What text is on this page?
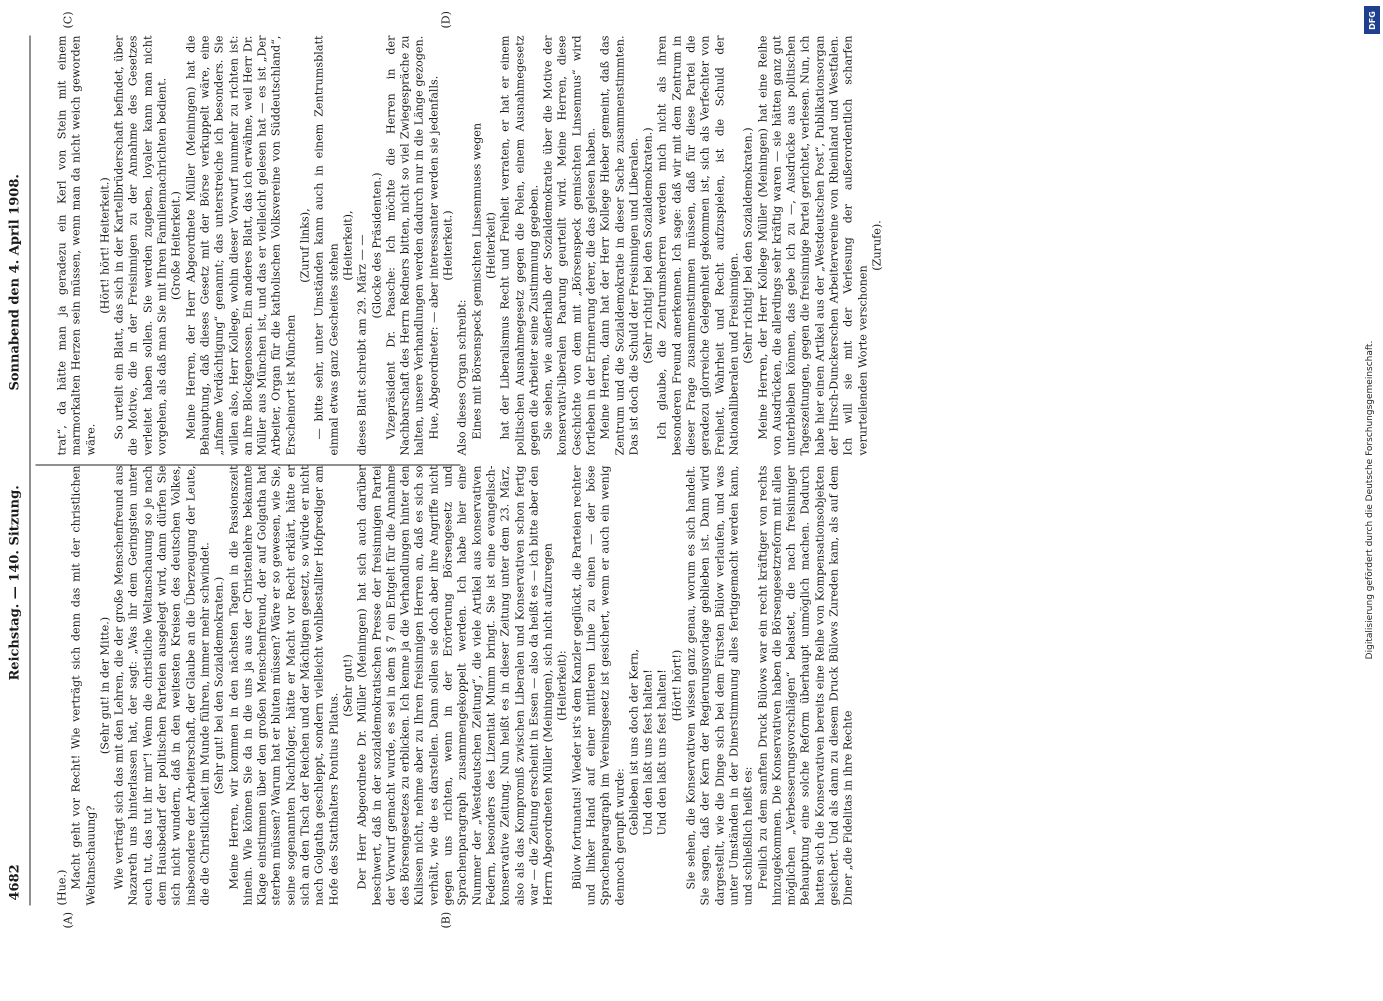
4682
Reichstag. — 140. Sitzung.
Sonnabend den 4. April 1908.
(A)	(B)
(C)	(D)

(Hue.) Macht geht vor Recht! Wie verträgt sich denn das mit der christlichen Weltanschauung?

(Sehr gut! in der Mitte.) Wie verträgt sich das mit den Lehren, die der große Menschenfreund aus Nazareth uns hinterlassen hat, der sagt: „Was ihr dem Geringsten unter euch tut, das tut ihr mir“! Wenn die christliche Weltanschauung so je nach dem Hausbedarf der politischen Parteien ausgelegt wird, dann dürfen Sie sich nicht wundern, daß in den weitesten Kreisen des deutschen Volkes, insbesondere der Arbeiterschaft, der Glaube an die Überzeugung der Leute, die die Christlichkeit im Munde führen, immer mehr schwindet. (Sehr gut! bei den Sozialdemokraten.) Meine Herren, wir kommen in den nächsten Tagen in die Passionszeit hinein. Wie können Sie da in die uns ja aus der Christenlehre bekannte Klage einstimmen über den großen Menschenfreund, der auf Golgatha hat sterben müssen? Warum hat er bluten müssen? Wäre er so gewesen, wie Sie, seine sogenannten Nachfolger, hätte er Macht vor Recht erklärt, hätte er sich an den Tisch der Reichen und der Mächtigen gesetzt, so würde er nicht nach Golgatha geschleppt, sondern vielleicht wohlbestallter Hofprediger am Hofe des Statthalters Pontius Pilatus.

(Sehr gut!) Der Herr Abgeordnete Dr. Müller (Meiningen) hat sich auch darüber beschwert, daß in der sozialdemokratischen Presse der freisinnigen Partei der Vorwurf gemacht wurde, es sei in dem § 7 ein Entgelt für die Annahme des Börsengesetzes zu erblicken. Ich kenne ja die Verhandlungen hinter den Kulissen nicht, nehme aber zu Ihren freisinnigen Herren an, daß es sich so verhält, wie die es darstellen. Dann sollen sie doch aber ihre Angriffe nicht gegen uns richten, wenn in der Erörterung Börsengesetz und Sprachenparagraph zusammengekoppelt werden. Ich habe hier eine Nummer der „Westdeutschen Zeitung“, die viele Artikel aus konservativen Federn, besonders des Lizentiat Mumm bringt. Sie ist eine evangelisch-konservative Zeitung. Nun heißt es in dieser Zeitung unter dem 23. März, also als das Kompromiß zwischen Liberalen und Konservativen schon fertig war — die Zeitung erscheint in Essen — also da heißt es — ich bitte aber den Herrn Abgeordneten Müller (Meiningen), sich nicht aufzuregen (Heiterkeit): Bülow fortunatus! Wieder ist's dem Kanzler geglückt, die Parteien rechter und linker Hand auf einer mittleren Linie zu einen — der böse Sprachenparagraph im Vereinsgesetz ist gesichert, wenn er auch ein wenig dennoch gerupft wurde:

Geblieben ist uns doch der Kern, Und den laßt uns fest halten! Und den laßt uns fest halten! (Hört! hört!) Sie sehen, die Konservativen wissen ganz genau, worum es sich handelt. Sie sagen, daß der Kern der Regierungsvorlage geblieben ist. Dann wird dargestellt, wie die Dinge sich bei dem Fürsten Bülow verlaufen, und was unter Umständen in der Dinerstimmung alles fertiggemacht werden kann, und schließlich heißt es: Freilich zu dem sanften Druck Bülows war ein recht kräftiger von rechts hinzugekommen. Die Konservativen haben die Börsengesetzreform mit allen möglichen „Verbesserungsvorschlägen“ belastet, die nach freisinniger Behauptung eine solche Reform überhaupt unmöglich machen. Dadurch hatten sich die Konservativen bereits eine Reihe von Kompensationsobjekten gesichert. Und als dann zu diesem Druck Bülows Zureden kam, als auf dem Diner „die Fidelitas in ihre Rechte

trat“, da hätte man ja geradezu ein Kerl von Stein mit einem marmorkalten Herzen sein müssen, wenn man da nicht weich geworden wäre.

(Hört! hört! Heiterkeit.) So urteilt ein Blatt, das sich in der Kartellbrüderschaft befindet, über die Motive, die in der Freisinnigen zu der Annahme des Gesetzes verleitet haben sollen. Sie werden zugeben, loyaler kann man nicht vorgehen, als daß man Sie mit Ihren Familiennachrichten bedient. (Große Heiterkeit.) Meine Herren, der Herr Abgeordnete Müller (Meiningen) hat die Behauptung, daß dieses Gesetz mit der Börse verkuppelt wäre, eine „infame Verdächtigung“ genannt; das unterstreiche ich besonders. Sie willen also, Herr Kollege, wohin dieser Vorwurf nunmehr zu richten ist: an ihre Blockgenossen. Ein anderes Blatt, das ich erwähne, weil Herr Dr. Müller aus München ist, und das er vielleicht gelesen hat — es ist „Der Arbeiter, Organ für die katholischen Volksvereine von Süddeutschland“, Erscheinort ist München

(Zuruf links), — bitte sehr, unter Umständen kann auch in einem Zentrumsblatt einmal etwas ganz Gescheites stehen (Heiterkeit), dieses Blatt schreibt am 29. März — — (Glocke des Präsidenten.) Vizepräsident Dr. Paasche: Ich möchte die Herren in der Nachbarschaft des Herrn Redners bitten, nicht so viel Zwiegespräche zu halten, unsere Verhandlungen werden dadurch nur in die Länge gezogen. Hue, Abgeordneter: — aber interessanter werden sie jedenfalls. (Heiterkeit.)

Also dieses Organ schreibt: Eines mit Börsenspeck gemischten Linsenmuses wegen (Heiterkeit) hat der Liberalismus Recht und Freiheit verraten, er hat er einem politischen Ausnahmegesetz gegen die Polen, einem Ausnahmegesetz gegen die Arbeiter seine Zustimmung gegeben. Sie sehen, wie außerhalb der Sozialdemokratie über die Motive der konservativ-liberalen Paarung geurteilt wird. Meine Herren, diese Geschichte von dem mit „Börsenspeck gemischten Linsenmus“ wird fortleben in der Erinnerung derer, die das gelesen haben. Meine Herren, dann hat der Herr Kollege Hieber gemeint, daß das Zentrum und die Sozialdemokratie in dieser Sache zusammenstimmten. Das ist doch die Schuld der Freisinnigen und Liberalen. (Sehr richtig! bei den Sozialdemokraten.) Ich glaube, die Zentrumsherren werden mich nicht als ihren besonderen Freund anerkennen. Ich sage: daß wir mit dem Zentrum in dieser Frage zusammenstimmen müssen, daß für diese Partei die geradezu glorreiche Gelegenheit gekommen ist, sich als Verfechter von Freiheit, Wahrheit und Recht aufzuspielen, ist die Schuld der Nationalliberalen und Freisinnigen. (Sehr richtig! bei den Sozialdemokraten.) Meine Herren, der Herr Kollege Müller (Meiningen) hat eine Reihe von Ausdrücken, die allerdings sehr kräftig waren — sie hätten ganz gut unterbleiben können, das gebe ich zu —, Ausdrücke aus politischen Tageszeitungen, gegen die freisinnige Partei gerichtet, verlesen. Nun, ich habe hier einen Artikel aus der „Westdeutschen Post“, Publikationsorgan der Hirsch-Dunckerschen Arbeitervereine von Rheinland und Westfalen. Ich will sie mit der Verlesung der außerordentlich scharfen verurteilenden Worte verschonen

(Zurufe).

Digitalisierung gefördert durch die Deutsche Forschungsgemeinschaft.
DFG
